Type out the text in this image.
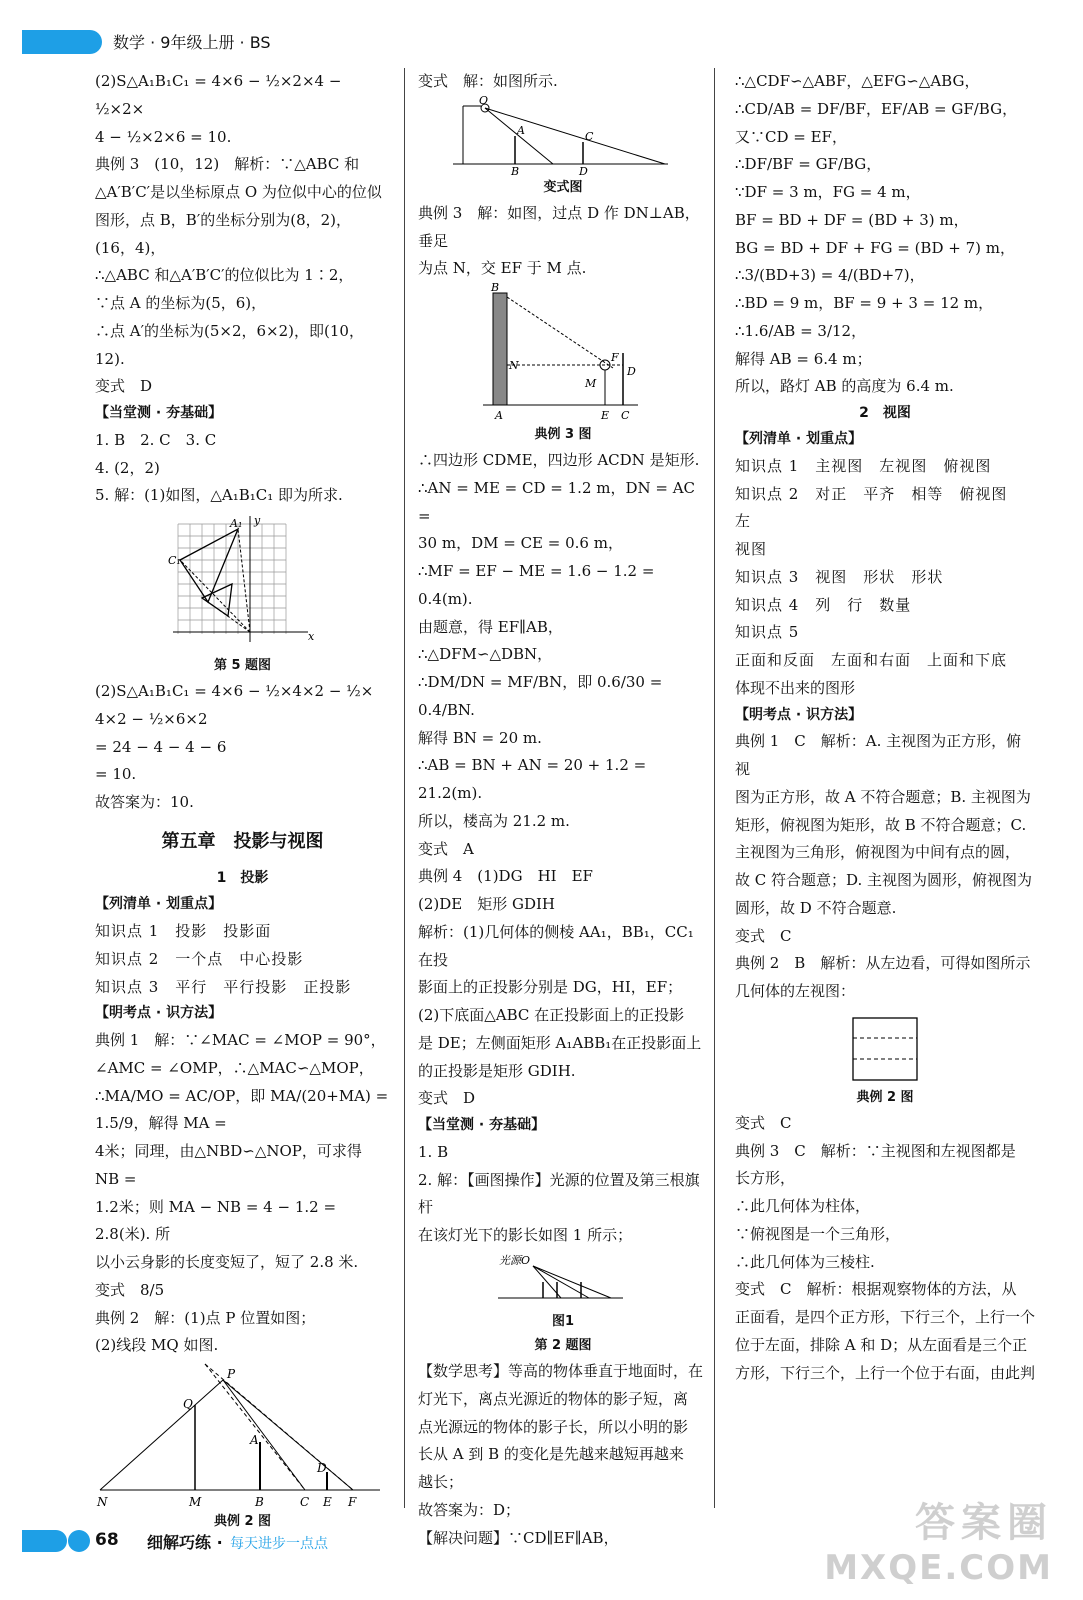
数学 · 9年级上册 · BS

(2)S△A₁B₁C₁ = 4×6 − ½×2×4 − ½×2×

4 − ½×2×6 = 10.

典例 3　(10，12)　解析：∵△ABC 和

△A′B′C′是以坐标原点 O 为位似中心的位似

图形，点 B，B′的坐标分别为(8，2)，(16，4)，

∴△ABC 和△A′B′C′的位似比为 1∶2，

∵点 A 的坐标为(5，6)，

∴点 A′的坐标为(5×2，6×2)，即(10，12).

变式　D

【当堂测 · 夯基础】

1. B　2. C　3. C

4. (2，2)

5. 解：(1)如图，△A₁B₁C₁ 即为所求.

C₁
A₁
x
y

第 5 题图

(2)S△A₁B₁C₁ = 4×6 − ½×4×2 − ½×

4×2 − ½×6×2

= 24 − 4 − 4 − 6

= 10.

故答案为：10.

第五章　投影与视图

1　投影

【列清单 · 划重点】

知识点 1　投影　投影面

知识点 2　一个点　中心投影

知识点 3　平行　平行投影　正投影

【明考点 · 识方法】

典例 1　解：∵∠MAC = ∠MOP = 90°，

∠AMC = ∠OMP，∴△MAC∽△MOP，

∴MA/MO = AC/OP，即 MA/(20+MA) = 1.5/9，解得 MA =

4米；同理，由△NBD∽△NOP，可求得 NB =

1.2米；则 MA − NB = 4 − 1.2 = 2.8(米). 所

以小云身影的长度变短了，短了 2.8 米.

变式　8/5

典例 2　解：(1)点 P 位置如图；

(2)线段 MQ 如图.

P
Q
A
D
N	M	B	C E F

典例 2 图

变式　解：如图所示.

O
A	C
B	D

变式图

典例 3　解：如图，过点 D 作 DN⊥AB，垂足

为点 N，交 EF 于 M 点.

B
N
M
F
D
A	E C

典例 3 图

∴四边形 CDME，四边形 ACDN 是矩形.

∴AN = ME = CD = 1.2 m，DN = AC =

30 m，DM = CE = 0.6 m，

∴MF = EF − ME = 1.6 − 1.2 = 0.4(m).

由题意，得 EF∥AB，

∴△DFM∽△DBN，

∴DM/DN = MF/BN，即 0.6/30 = 0.4/BN.

解得 BN = 20 m.

∴AB = BN + AN = 20 + 1.2 = 21.2(m).

所以，楼高为 21.2 m.

变式　A

典例 4　(1)DG　HI　EF

(2)DE　矩形 GDIH

解析：(1)几何体的侧棱 AA₁，BB₁，CC₁在投

影面上的正投影分别是 DG，HI，EF；

(2)下底面△ABC 在正投影面上的正投影

是 DE；左侧面矩形 A₁ABB₁在正投影面上

的正投影是矩形 GDIH.

变式　D

【当堂测 · 夯基础】

1. B

2. 解：【画图操作】光源的位置及第三根旗杆

在该灯光下的影长如图 1 所示；

光源O

图1

第 2 题图

【数学思考】等高的物体垂直于地面时，在

灯光下，离点光源近的物体的影子短，离

点光源远的物体的影子长，所以小明的影

长从 A 到 B 的变化是先越来越短再越来

越长；

故答案为：D；

【解决问题】∵CD∥EF∥AB，

∴△CDF∽△ABF，△EFG∽△ABG，

∴CD/AB = DF/BF，EF/AB = GF/BG，

又∵CD = EF，

∴DF/BF = GF/BG，

∵DF = 3 m，FG = 4 m，

BF = BD + DF = (BD + 3) m，

BG = BD + DF + FG = (BD + 7) m，

∴3/(BD+3) = 4/(BD+7)，

∴BD = 9 m，BF = 9 + 3 = 12 m，

∴1.6/AB = 3/12，

解得 AB = 6.4 m；

所以，路灯 AB 的高度为 6.4 m.

2　视图

【列清单 · 划重点】

知识点 1　主视图　左视图　俯视图

知识点 2　对正　平齐　相等　俯视图　左

视图

知识点 3　视图　形状　形状

知识点 4　列　行　数量

知识点 5

正面和反面　左面和右面　上面和下底

体现不出来的图形

【明考点 · 识方法】

典例 1　C　解析：A. 主视图为正方形，俯视

图为正方形，故 A 不符合题意；B. 主视图为

矩形，俯视图为矩形，故 B 不符合题意；C.

主视图为三角形，俯视图为中间有点的圆，

故 C 符合题意；D. 主视图为圆形，俯视图为

圆形，故 D 不符合题意.

变式　C

典例 2　B　解析：从左边看，可得如图所示

几何体的左视图：

典例 2 图

变式　C

典例 3　C　解析：∵主视图和左视图都是

长方形，

∴此几何体为柱体，

∵俯视图是一个三角形，

∴此几何体为三棱柱.

变式　C　解析：根据观察物体的方法，从

正面看，是四个正方形，下行三个，上行一个

位于左面，排除 A 和 D；从左面看是三个正

方形，下行三个，上行一个位于右面，由此判

68 细解巧练 · 每天进步一点点	答案圈
MXQE.COM
